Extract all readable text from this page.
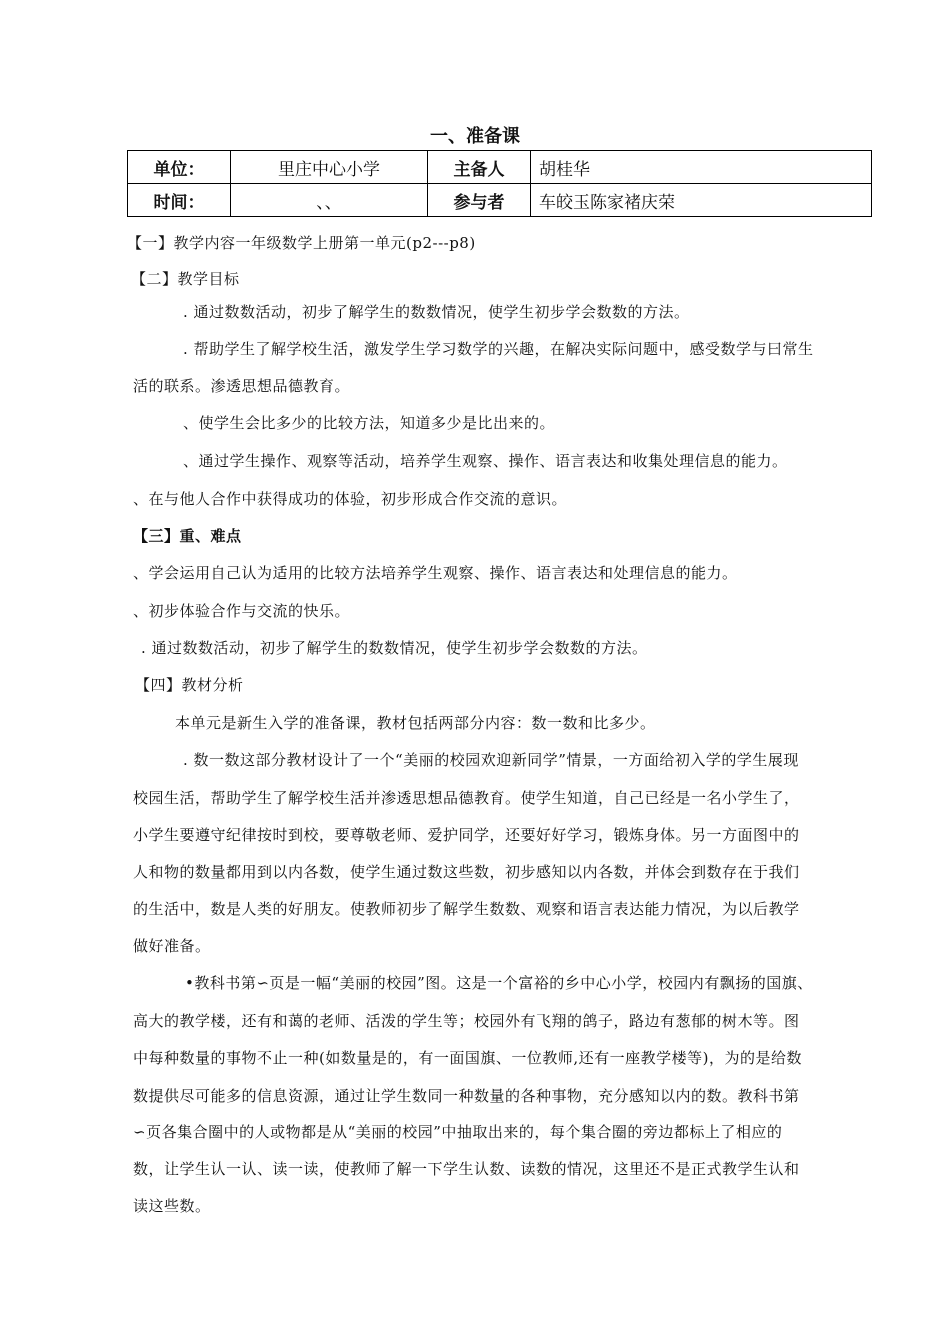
一、准备课
单位：	里庄中心小学	主备人	胡桂华
时间：	、、	参与者	车皎玉陈家褚庆荣
【一】教学内容一年级数学上册第一单元(p2---p8)
【二】教学目标
. 通过数数活动，初步了解学生的数数情况，使学生初步学会数数的方法。
. 帮助学生了解学校生活，激发学生学习数学的兴趣，在解决实际问题中，感受数学与曰常生
活的联系。渗透思想品德教育。
、使学生会比多少的比较方法，知道多少是比出来的。
、通过学生操作、观察等活动，培养学生观察、操作、语言表达和收集处理信息的能力。
、在与他人合作中获得成功的体验，初步形成合作交流的意识。
【三】重、难点
、学会运用自己认为适用的比较方法培养学生观察、操作、语言表达和处理信息的能力。
、初步体验合作与交流的快乐。
. 通过数数活动，初步了解学生的数数情况，使学生初步学会数数的方法。
【四】教材分析
本单元是新生入学的准备课，教材包括两部分内容：数一数和比多少。
. 数一数这部分教材设计了一个“美丽的校园欢迎新同学”情景，一方面给初入学的学生展现
校园生活，帮助学生了解学校生活并渗透思想品德教育。使学生知道，自己已经是一名小学生了，
小学生要遵守纪律按时到校，要尊敬老师、爱护同学，还要好好学习，锻炼身体。另一方面图中的
人和物的数量都用到以内各数，使学生通过数这些数，初步感知以内各数，并体会到数存在于我们
的生活中，数是人类的好朋友。使教师初步了解学生数数、观察和语言表达能力情况，为以后教学
做好准备。
•教科书第∽页是一幅“美丽的校园”图。这是一个富裕的乡中心小学，校园内有飘扬的国旗、
高大的教学楼，还有和蔼的老师、活泼的学生等；校园外有飞翔的鸽子，路边有葱郁的树木等。图
中每种数量的事物不止一种(如数量是的，有一面国旗、一位教师,还有一座教学楼等)，为的是给数
数提供尽可能多的信息资源，通过让学生数同一种数量的各种事物，充分感知以内的数。教科书第
∽页各集合圈中的人或物都是从“美丽的校园”中抽取出来的，每个集合圈的旁边都标上了相应的
数，让学生认一认、读一读，使教师了解一下学生认数、读数的情况，这里还不是正式教学生认和
读这些数。
